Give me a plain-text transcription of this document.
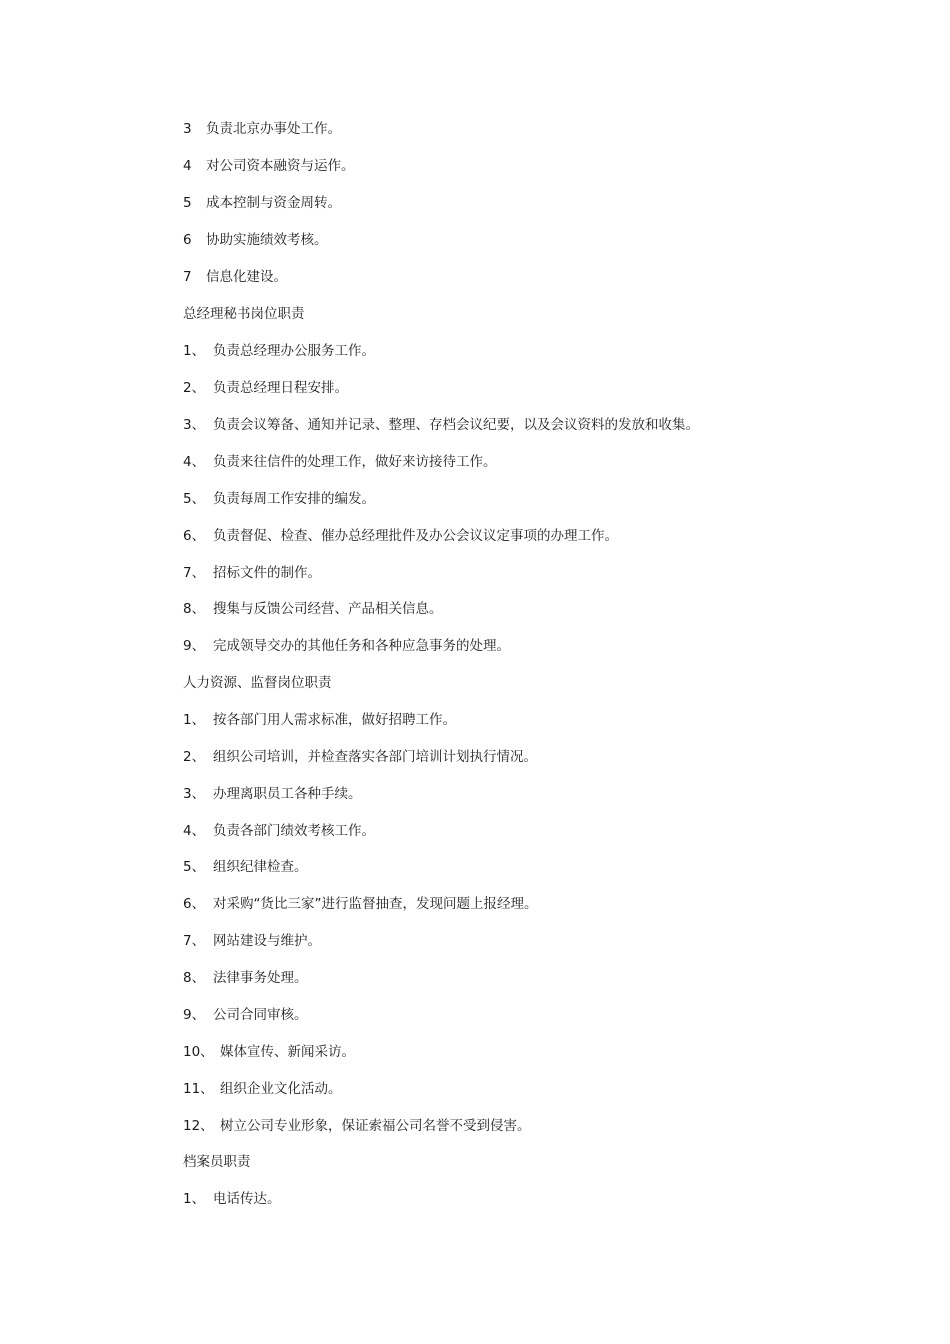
3 负责北京办事处工作。
4 对公司资本融资与运作。
5 成本控制与资金周转。
6 协助实施绩效考核。
7 信息化建设。
总经理秘书岗位职责
1、 负责总经理办公服务工作。
2、 负责总经理日程安排。
3、 负责会议筹备、通知并记录、整理、存档会议纪要，以及会议资料的发放和收集。
4、 负责来往信件的处理工作，做好来访接待工作。
5、 负责每周工作安排的编发。
6、 负责督促、检查、催办总经理批件及办公会议议定事项的办理工作。
7、 招标文件的制作。
8、 搜集与反馈公司经营、产品相关信息。
9、 完成领导交办的其他任务和各种应急事务的处理。
人力资源、监督岗位职责
1、 按各部门用人需求标准，做好招聘工作。
2、 组织公司培训，并检查落实各部门培训计划执行情况。
3、 办理离职员工各种手续。
4、 负责各部门绩效考核工作。
5、 组织纪律检查。
6、 对采购“货比三家”进行监督抽查，发现问题上报经理。
7、 网站建设与维护。
8、 法律事务处理。
9、 公司合同审核。
10、 媒体宣传、新闻采访。
11、 组织企业文化活动。
12、 树立公司专业形象，保证索福公司名誉不受到侵害。
档案员职责
1、 电话传达。
